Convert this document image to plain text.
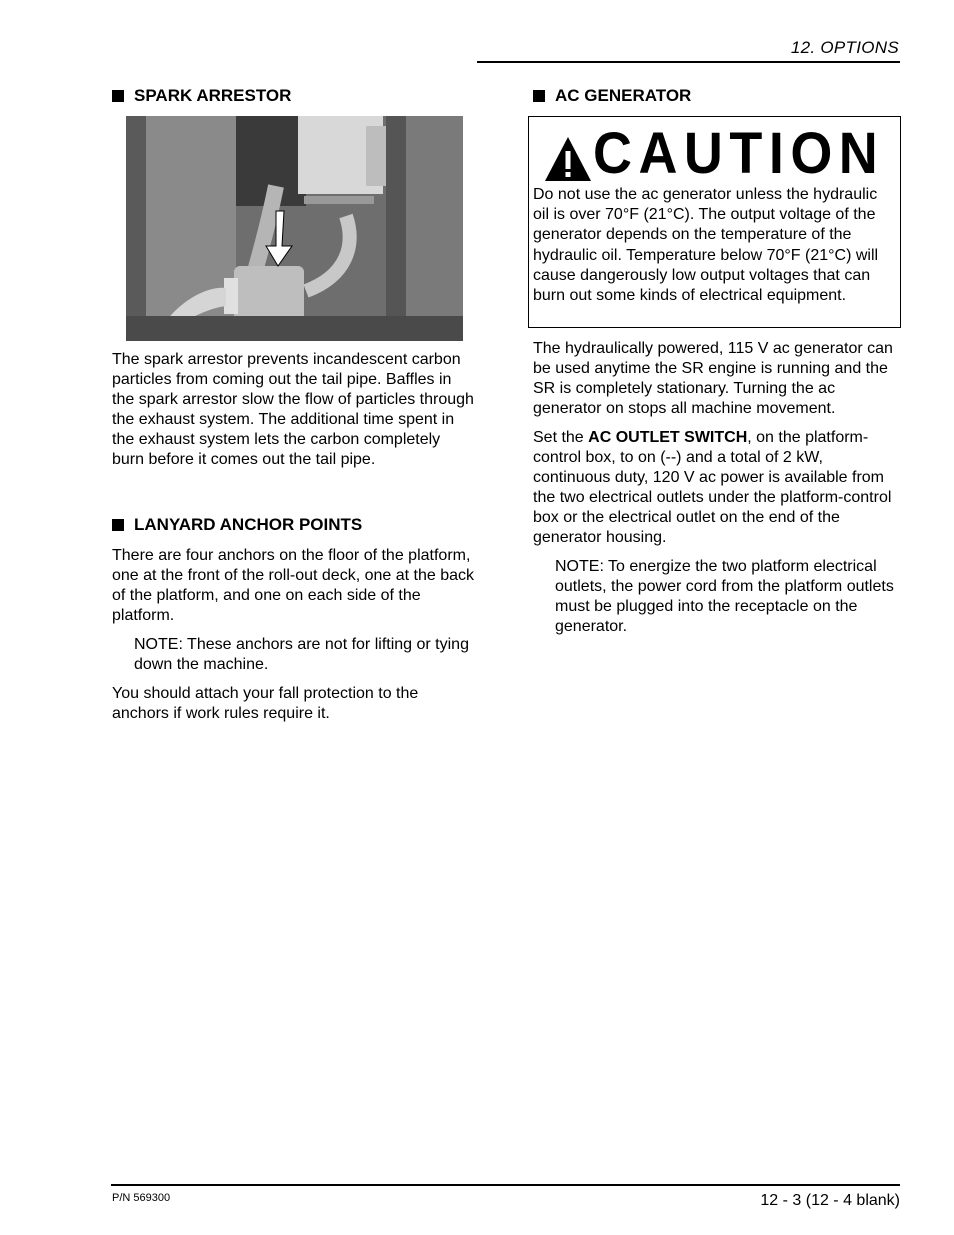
12. OPTIONS
SPARK ARRESTOR

The spark arrestor prevents incandescent carbon particles from coming out the tail pipe. Baffles in the spark arrestor slow the flow of particles through the exhaust system. The additional time spent in the exhaust system lets the carbon completely burn before it comes out the tail pipe.

LANYARD ANCHOR POINTS

There are four anchors on the floor of the platform, one at the front of the roll-out deck, one at the back of the platform, and one on each side of the platform.

NOTE: These anchors are not for lifting or tying down the machine.

You should attach your fall protection to the anchors if work rules require it.

AC GENERATOR
CAUTION
Do not use the ac generator unless the hydraulic oil is over 70°F (21°C). The output voltage of the generator depends on the temperature of the hydraulic oil. Temperature below 70°F (21°C) will cause dangerously low output voltages that can burn out some kinds of electrical equipment.

The hydraulically powered, 115 V ac generator can be used anytime the SR engine is running and the SR is completely stationary. Turning the ac generator on stops all machine movement.

Set the AC OUTLET SWITCH, on the platform-control box, to on (--) and a total of 2 kW, continuous duty, 120 V ac power is available from the two electrical outlets under the platform-control box or the electrical outlet on the end of the generator housing.

NOTE: To energize the two platform electrical outlets, the power cord from the platform outlets must be plugged into the receptacle on the generator.

P/N 569300	12 - 3 (12 - 4 blank)
